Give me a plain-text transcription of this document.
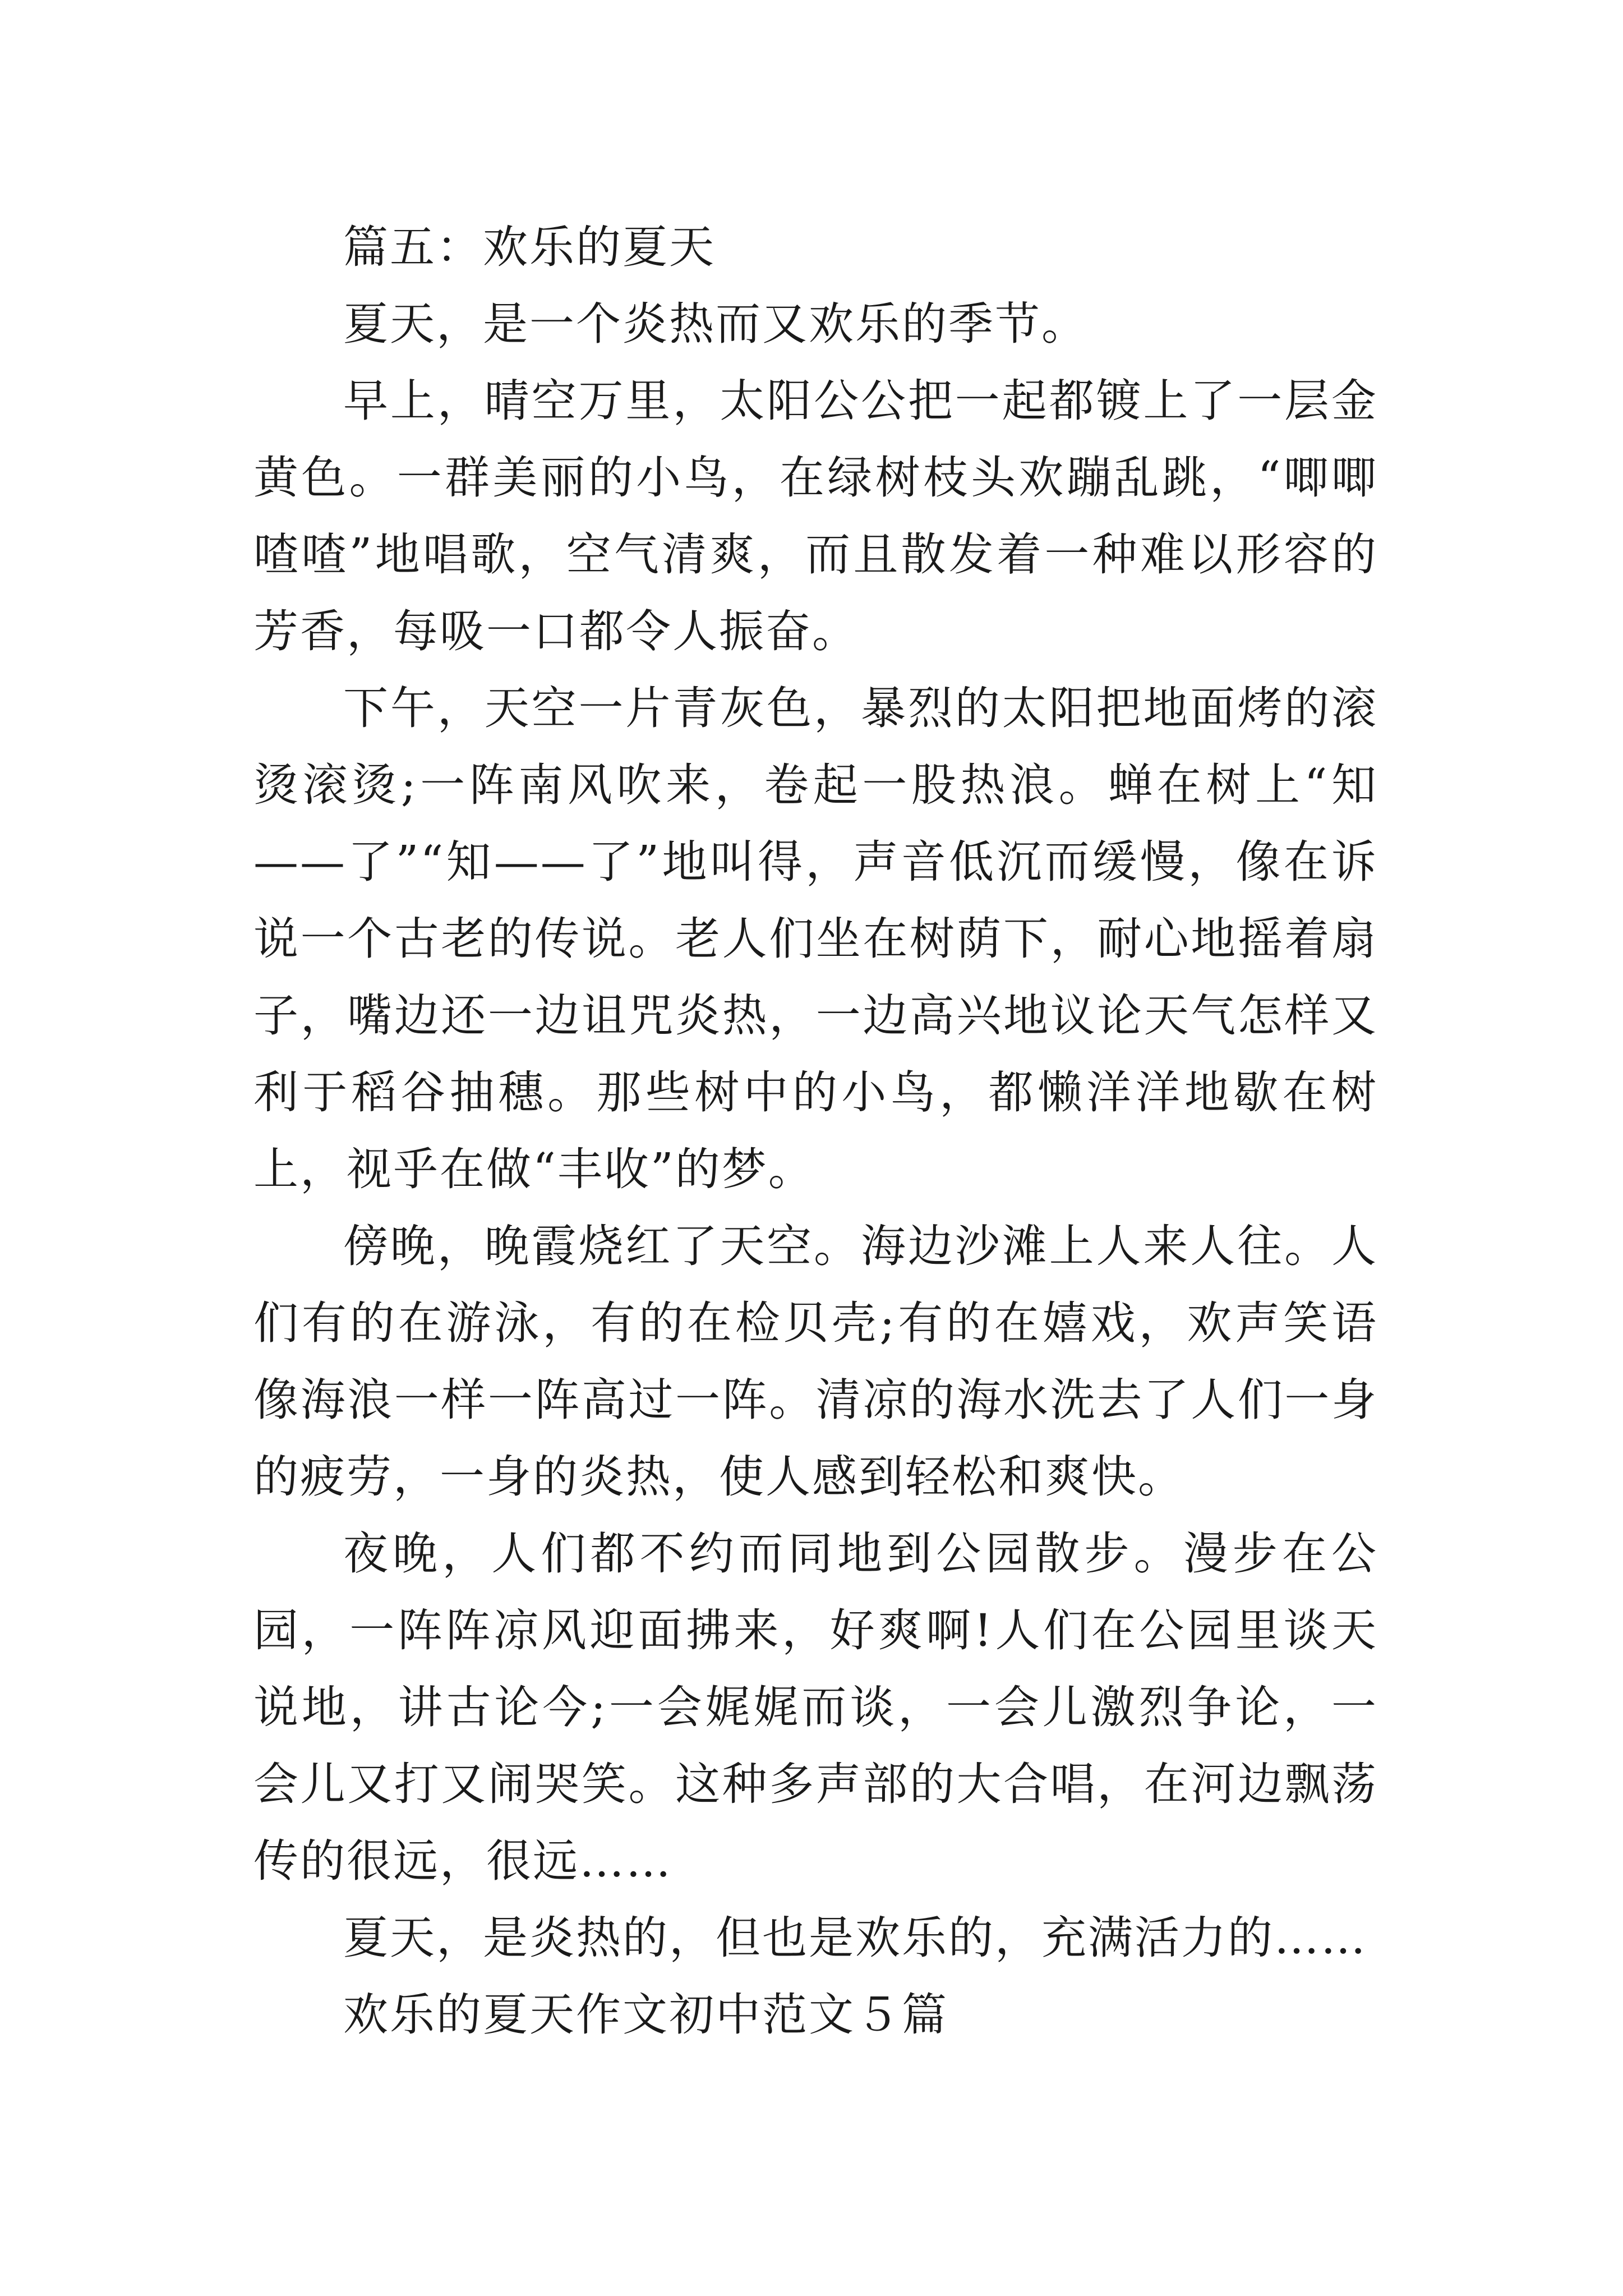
篇五：欢乐的夏天

夏天，是一个炎热而又欢乐的季节。

早上，晴空万里，太阳公公把一起都镀上了一层金黄色。一群美丽的小鸟，在绿树枝头欢蹦乱跳，“唧唧喳喳”地唱歌，空气清爽，而且散发着一种难以形容的芳香，每吸一口都令人振奋。

下午，天空一片青灰色，暴烈的太阳把地面烤的滚烫滚烫;一阵南风吹来，卷起一股热浪。蝉在树上“知——了”“知——了”地叫得，声音低沉而缓慢，像在诉说一个古老的传说。老人们坐在树荫下，耐心地摇着扇子，嘴边还一边诅咒炎热，一边高兴地议论天气怎样又利于稻谷抽穗。那些树中的小鸟，都懒洋洋地歇在树上，视乎在做“丰收”的梦。

傍晚，晚霞烧红了天空。海边沙滩上人来人往。人们有的在游泳，有的在检贝壳;有的在嬉戏，欢声笑语像海浪一样一阵高过一阵。清凉的海水洗去了人们一身的疲劳，一身的炎热，使人感到轻松和爽快。

夜晚，人们都不约而同地到公园散步。漫步在公园，一阵阵凉风迎面拂来，好爽啊!人们在公园里谈天说地，讲古论今;一会娓娓而谈，一会儿激烈争论，一会儿又打又闹哭笑。这种多声部的大合唱，在河边飘荡传的很远，很远……

夏天，是炎热的，但也是欢乐的，充满活力的……

欢乐的夏天作文初中范文５篇
